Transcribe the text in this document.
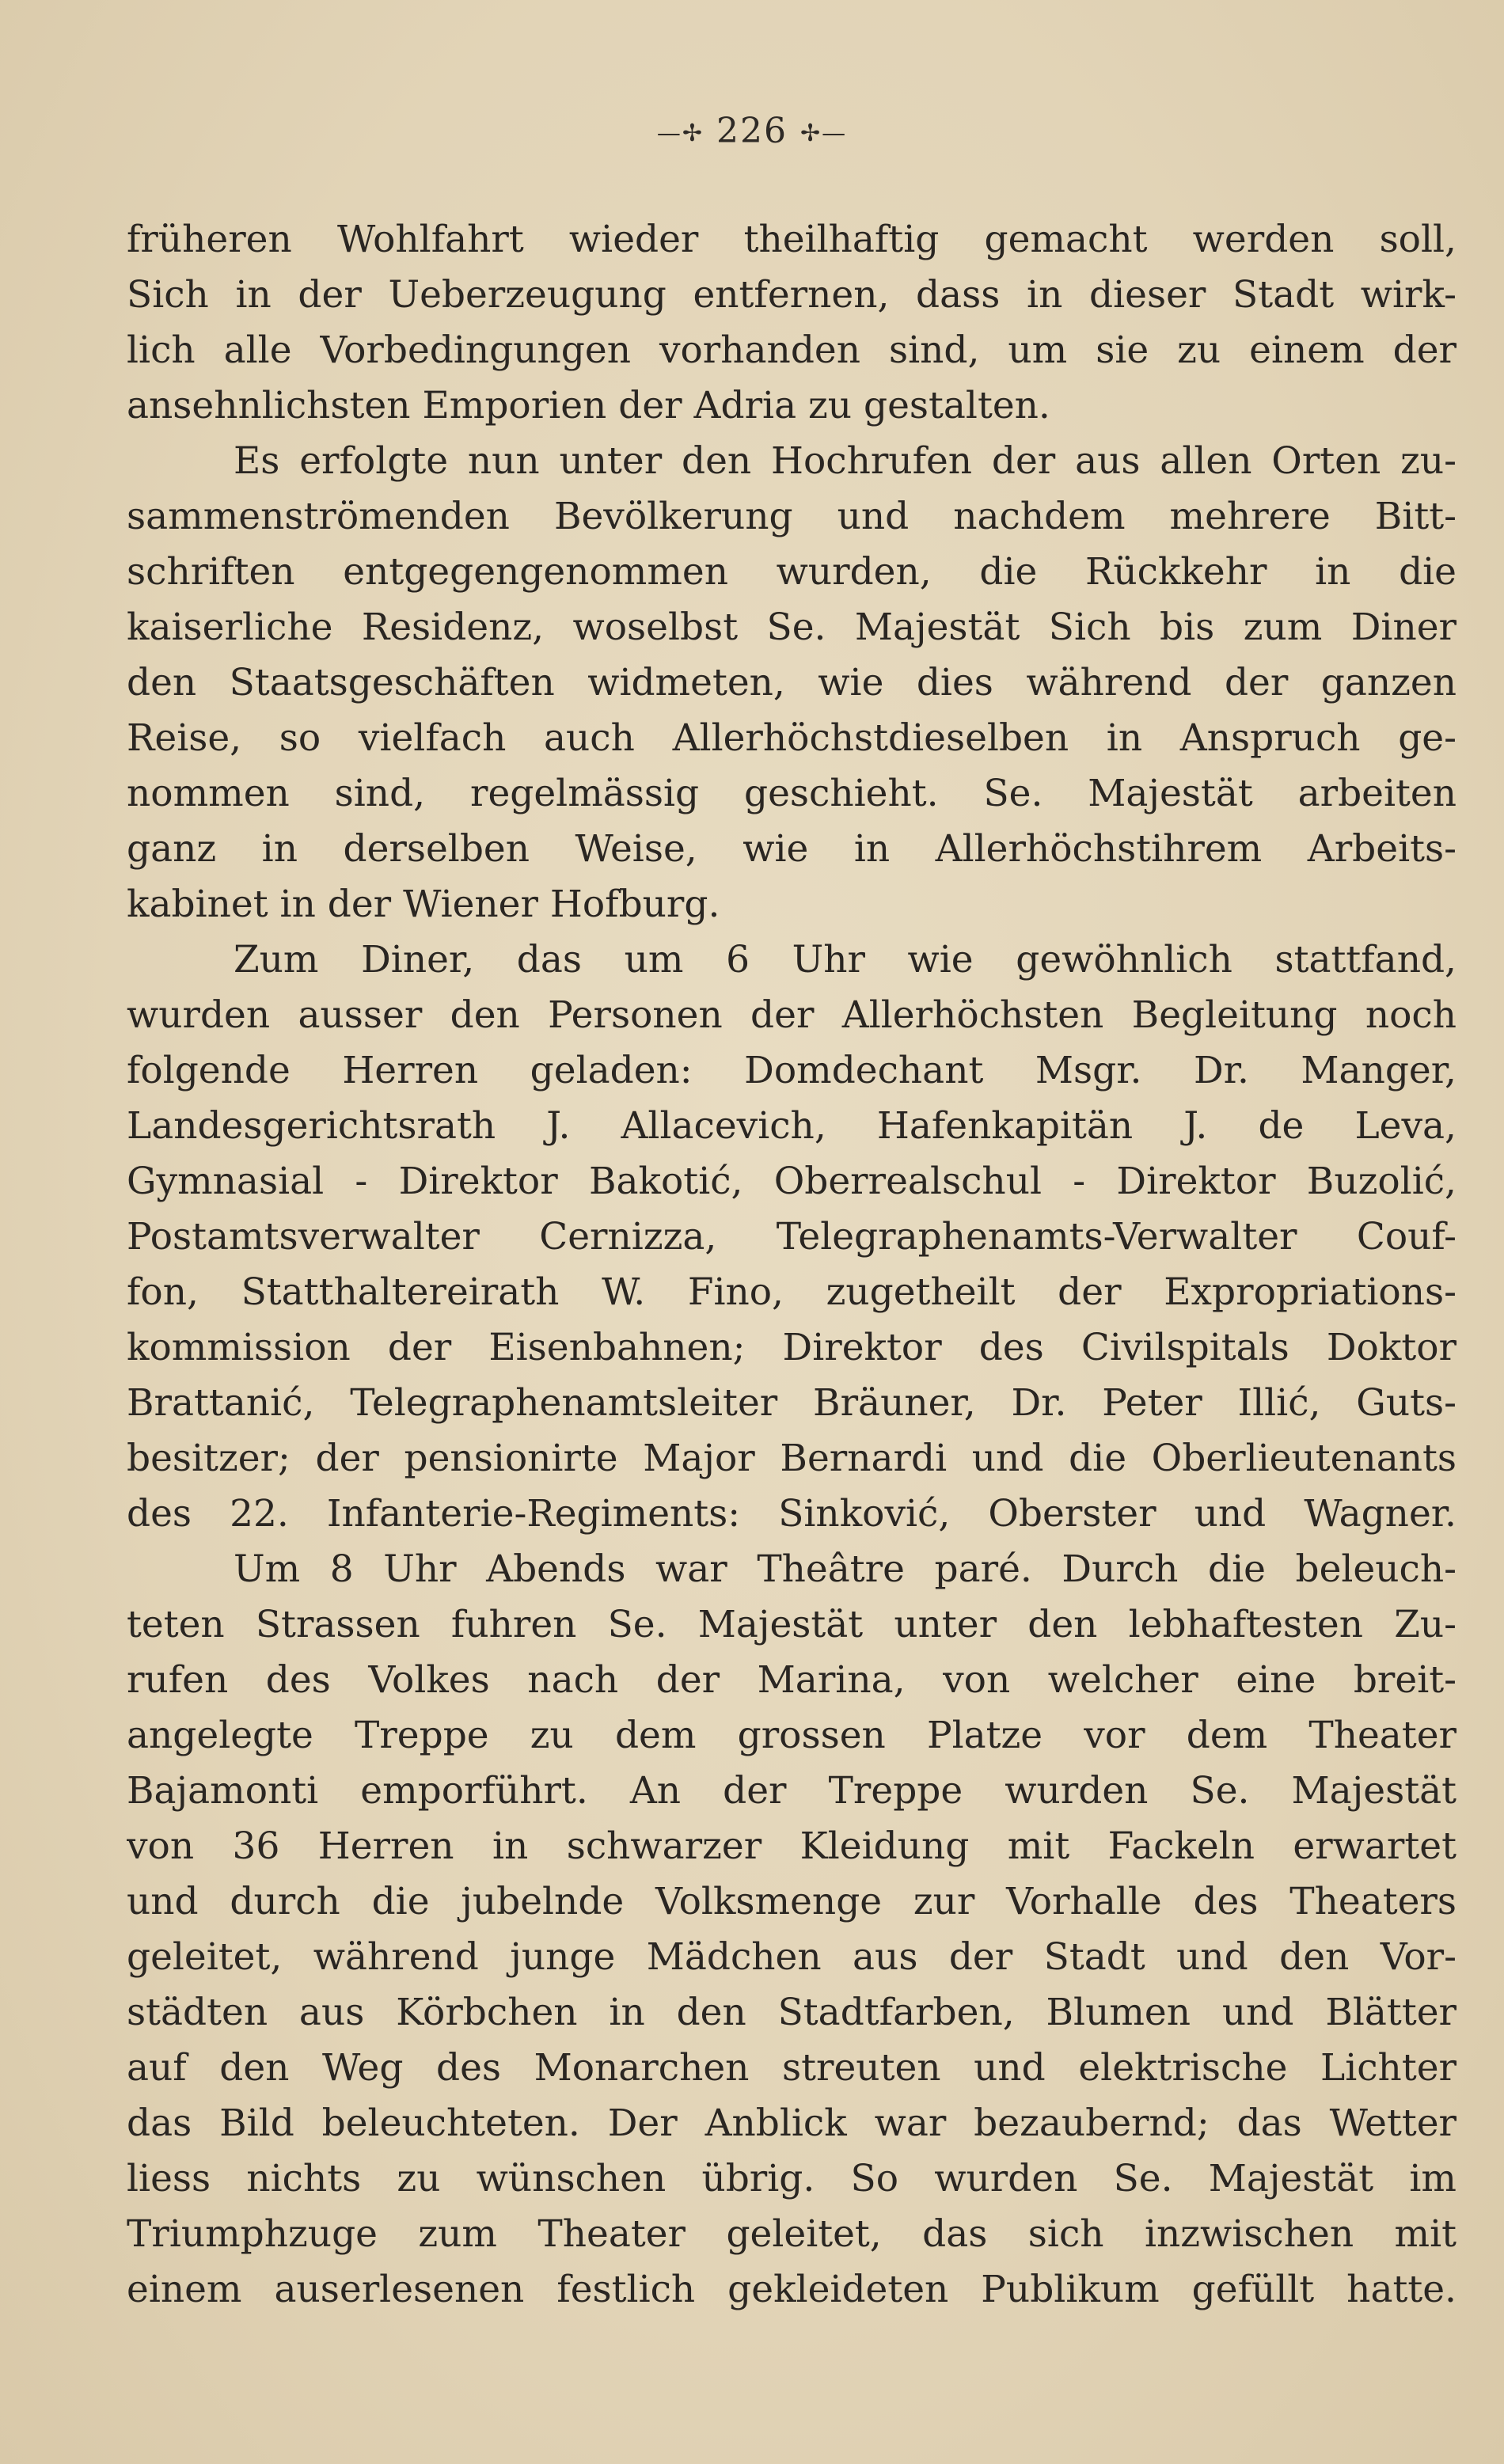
—✢ 226 ✢—
früheren Wohlfahrt wieder theilhaftig gemacht werden soll,
Sich in der Ueberzeugung entfernen, dass in dieser Stadt wirk-
lich alle Vorbedingungen vorhanden sind, um sie zu einem der
ansehnlichsten Emporien der Adria zu gestalten.
Es erfolgte nun unter den Hochrufen der aus allen Orten zu-
sammenströmenden Bevölkerung und nachdem mehrere Bitt-
schriften entgegengenommen wurden, die Rückkehr in die
kaiserliche Residenz, woselbst Se. Majestät Sich bis zum Diner
den Staatsgeschäften widmeten, wie dies während der ganzen
Reise, so vielfach auch Allerhöchstdieselben in Anspruch ge-
nommen sind, regelmässig geschieht. Se. Majestät arbeiten
ganz in derselben Weise, wie in Allerhöchstihrem Arbeits-
kabinet in der Wiener Hofburg.
Zum Diner, das um 6 Uhr wie gewöhnlich stattfand,
wurden ausser den Personen der Allerhöchsten Begleitung noch
folgende Herren geladen: Domdechant Msgr. Dr. Manger,
Landesgerichtsrath J. Allacevich, Hafenkapitän J. de Leva,
Gymnasial - Direktor Bakotić, Oberrealschul - Direktor Buzolić,
Postamtsverwalter Cernizza, Telegraphenamts-Verwalter Couf-
fon, Statthaltereirath W. Fino, zugetheilt der Expropriations-
kommission der Eisenbahnen; Direktor des Civilspitals Doktor
Brattanić, Telegraphenamtsleiter Bräuner, Dr. Peter Illić, Guts-
besitzer; der pensionirte Major Bernardi und die Oberlieutenants
des 22. Infanterie-Regiments: Sinković, Oberster und Wagner.
Um 8 Uhr Abends war Theâtre paré. Durch die beleuch-
teten Strassen fuhren Se. Majestät unter den lebhaftesten Zu-
rufen des Volkes nach der Marina, von welcher eine breit-
angelegte Treppe zu dem grossen Platze vor dem Theater
Bajamonti emporführt. An der Treppe wurden Se. Majestät
von 36 Herren in schwarzer Kleidung mit Fackeln erwartet
und durch die jubelnde Volksmenge zur Vorhalle des Theaters
geleitet, während junge Mädchen aus der Stadt und den Vor-
städten aus Körbchen in den Stadtfarben, Blumen und Blätter
auf den Weg des Monarchen streuten und elektrische Lichter
das Bild beleuchteten. Der Anblick war bezaubernd; das Wetter
liess nichts zu wünschen übrig. So wurden Se. Majestät im
Triumphzuge zum Theater geleitet, das sich inzwischen mit
einem auserlesenen festlich gekleideten Publikum gefüllt hatte.
